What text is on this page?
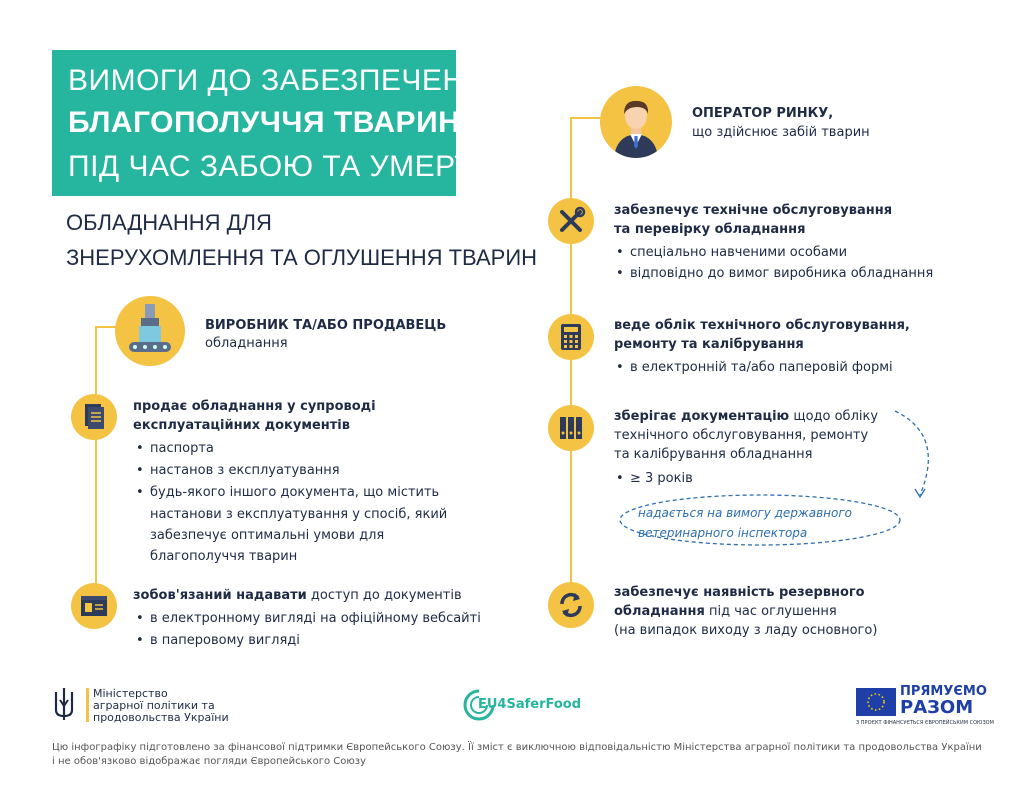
ВИМОГИ ДО ЗАБЕЗПЕЧЕННЯ
БЛАГОПОЛУЧЧЯ ТВАРИН
ПІД ЧАС ЗАБОЮ ТА УМЕРТВІННЯ
ОБЛАДНАННЯ ДЛЯ
ЗНЕРУХОМЛЕННЯ ТА ОГЛУШЕННЯ ТВАРИН
ВИРОБНИК ТА/АБО ПРОДАВЕЦЬ
обладнання
продає обладнання у супроводі
експлуатаційних документів
• паспорта
• настанов з експлуатування
• будь-якого іншого документа, що містить
настанови з експлуатування у спосіб, який
забезпечує оптимальні умови для
благополуччя тварин
зобов'язаний надавати доступ до документів
• в електронному вигляді на офіційному вебсайті
• в паперовому вигляді
ОПЕРАТОР РИНКУ,
що здійснює забій тварин
забезпечує технічне обслуговування
та перевірку обладнання
• спеціально навченими особами
• відповідно до вимог виробника обладнання
веде облік технічного обслуговування,
ремонту та калібрування
• в електронній та/або паперовій формі
зберігає документацію щодо обліку
технічного обслуговування, ремонту
та калібрування обладнання
• ≥ 3 років
надається на вимогу державного
ветеринарного інспектора
забезпечує наявність резервного
обладнання під час оглушення
(на випадок виходу з ладу основного)
Міністерство
аграрної політики та
продовольства України
EU4SaferFood
ПРЯМУЄМО
РАЗОМ
З ПРОЄКТ ФІНАНСУЄТЬСЯ ЄВРОПЕЙСЬКИМ СОЮЗОМ
Цю інфографіку підготовлено за фінансової підтримки Європейського Союзу. Її зміст є виключною відповідальністю Міністерства аграрної політики та продовольства України
і не обов'язково відображає погляди Європейського Союзу
